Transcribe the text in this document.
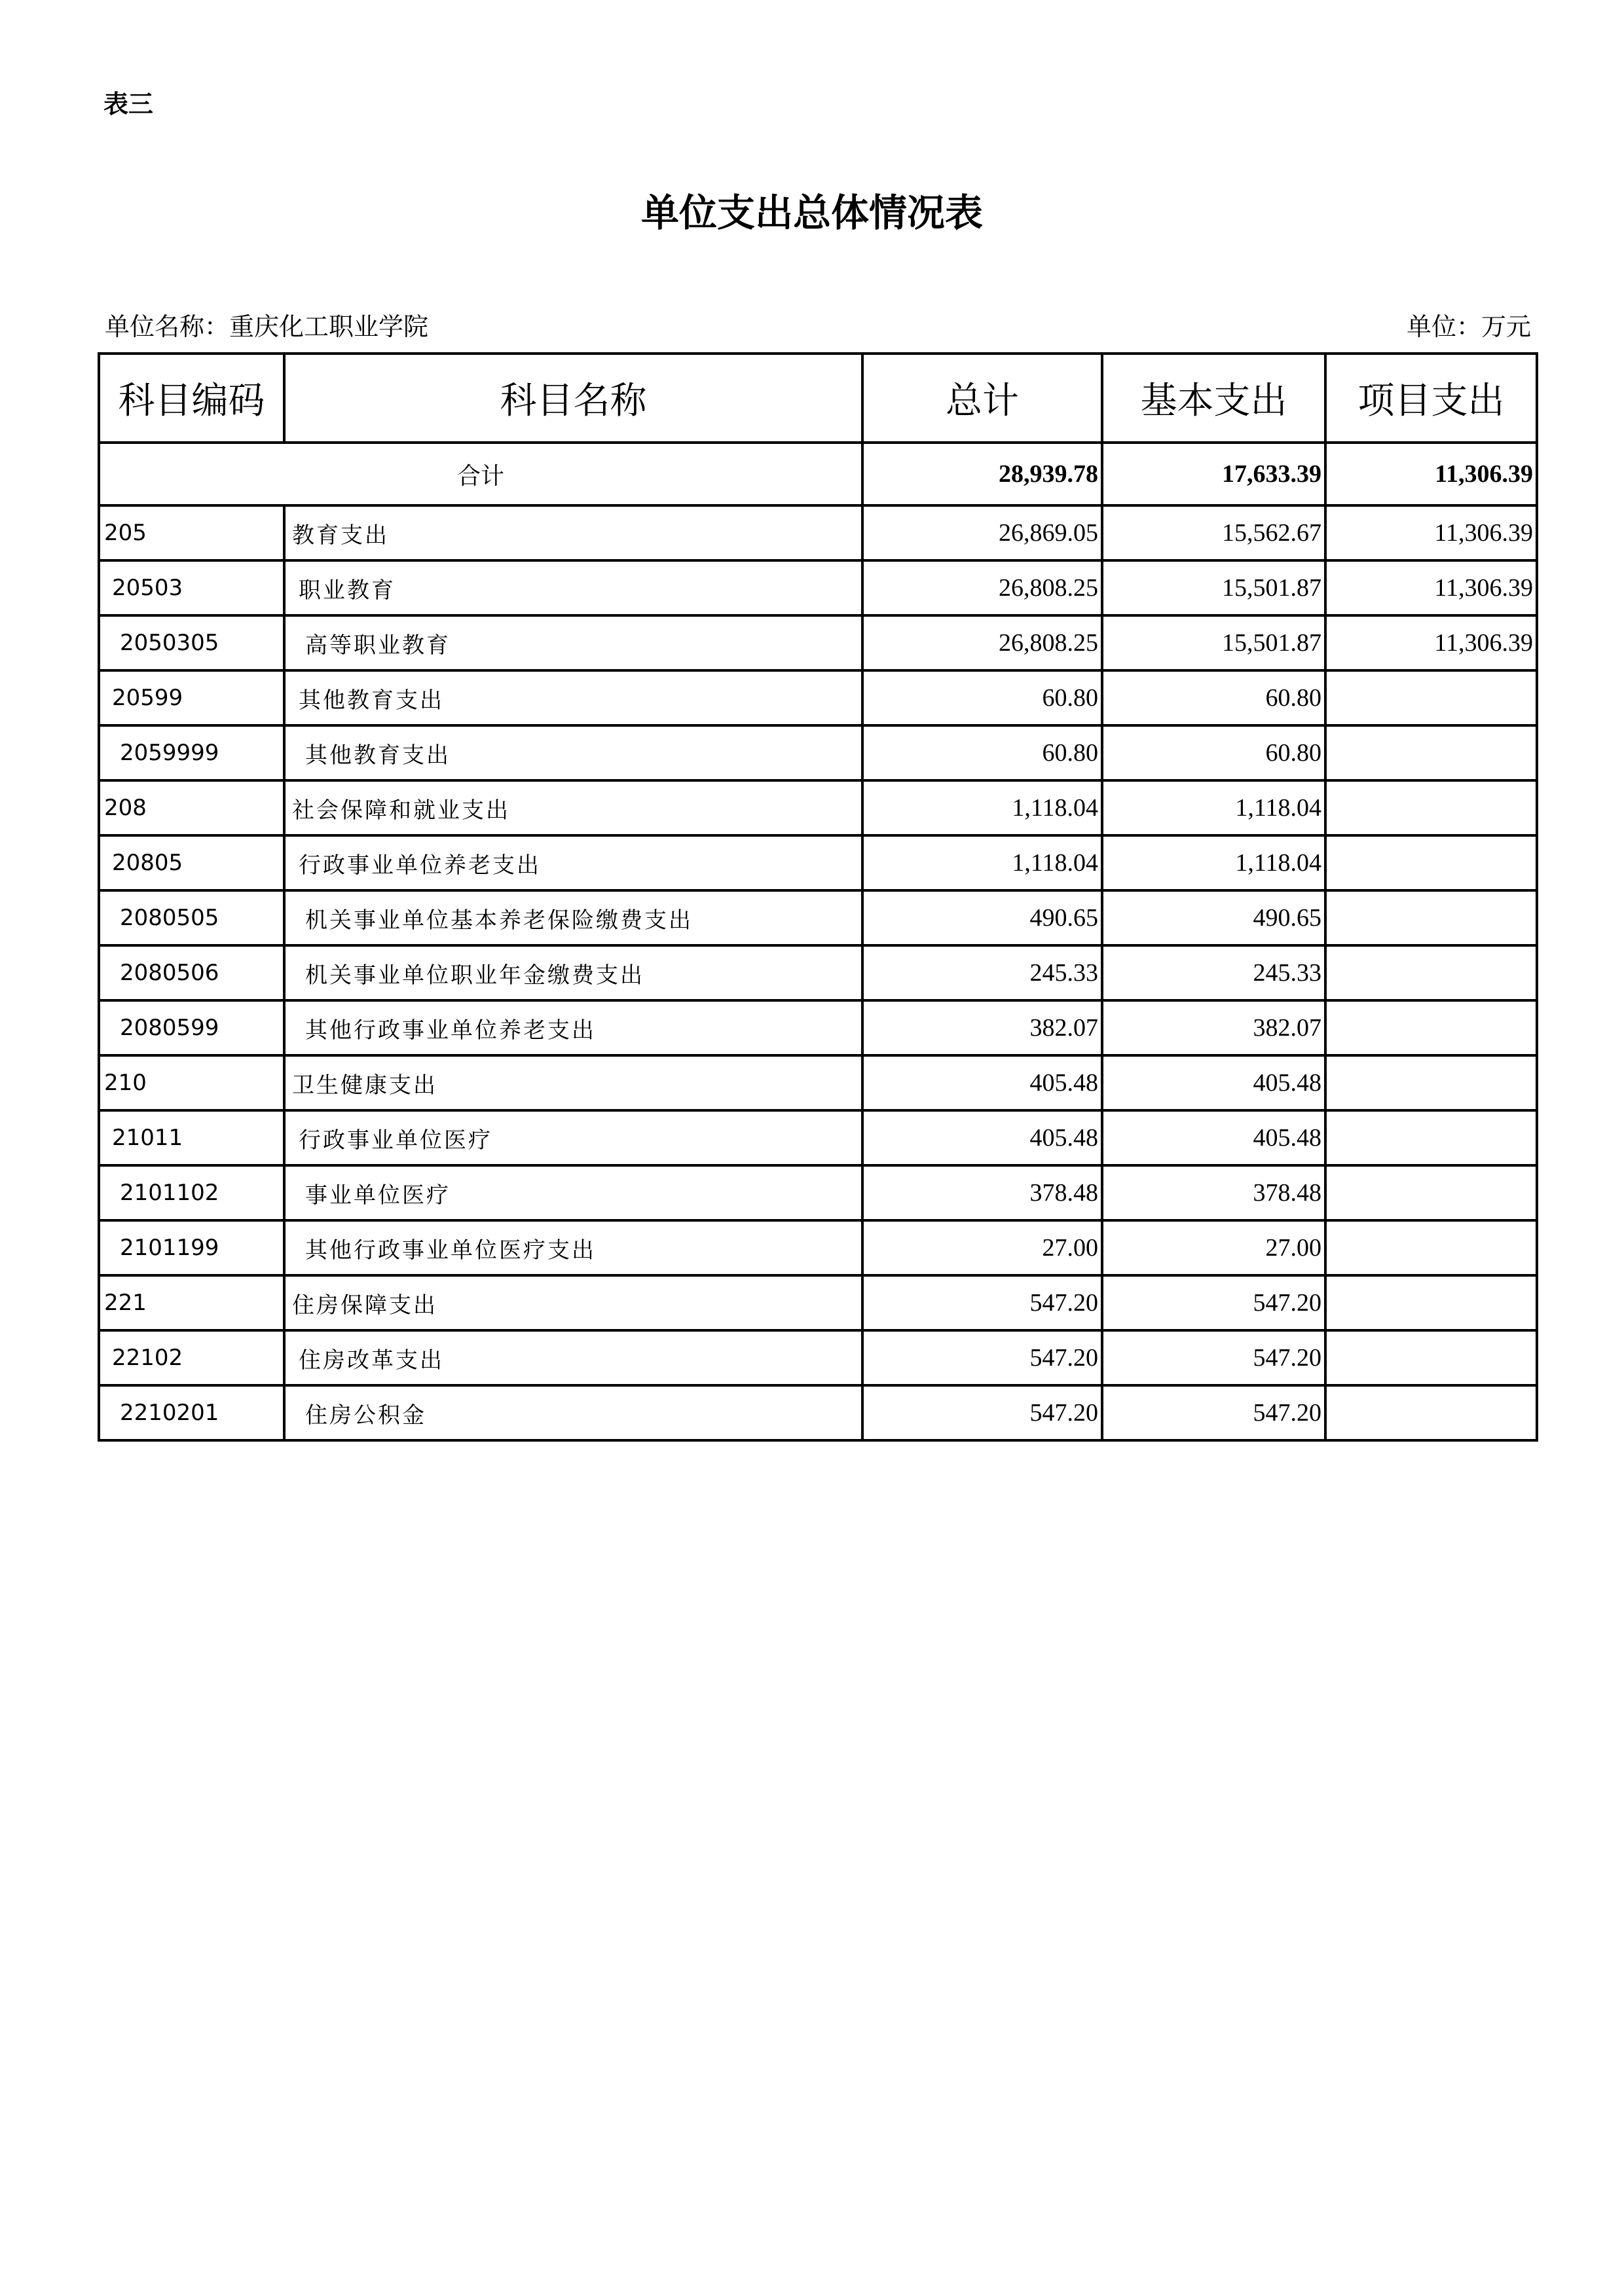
表三
单位支出总体情况表
单位名称：重庆化工职业学院	单位：万元
科目编码	科目名称	总计	基本支出	项目支出
合计		28,939.78	17,633.39	11,306.39
205	教育支出	26,869.05	15,562.67	11,306.39
20503	职业教育	26,808.25	15,501.87	11,306.39
2050305	高等职业教育	26,808.25	15,501.87	11,306.39
20599	其他教育支出	60.80	60.80	
2059999	其他教育支出	60.80	60.80	
208	社会保障和就业支出	1,118.04	1,118.04	
20805	行政事业单位养老支出	1,118.04	1,118.04	
2080505	机关事业单位基本养老保险缴费支出	490.65	490.65	
2080506	机关事业单位职业年金缴费支出	245.33	245.33	
2080599	其他行政事业单位养老支出	382.07	382.07	
210	卫生健康支出	405.48	405.48	
21011	行政事业单位医疗	405.48	405.48	
2101102	事业单位医疗	378.48	378.48	
2101199	其他行政事业单位医疗支出	27.00	27.00	
221	住房保障支出	547.20	547.20	
22102	住房改革支出	547.20	547.20	
2210201	住房公积金	547.20	547.20	
